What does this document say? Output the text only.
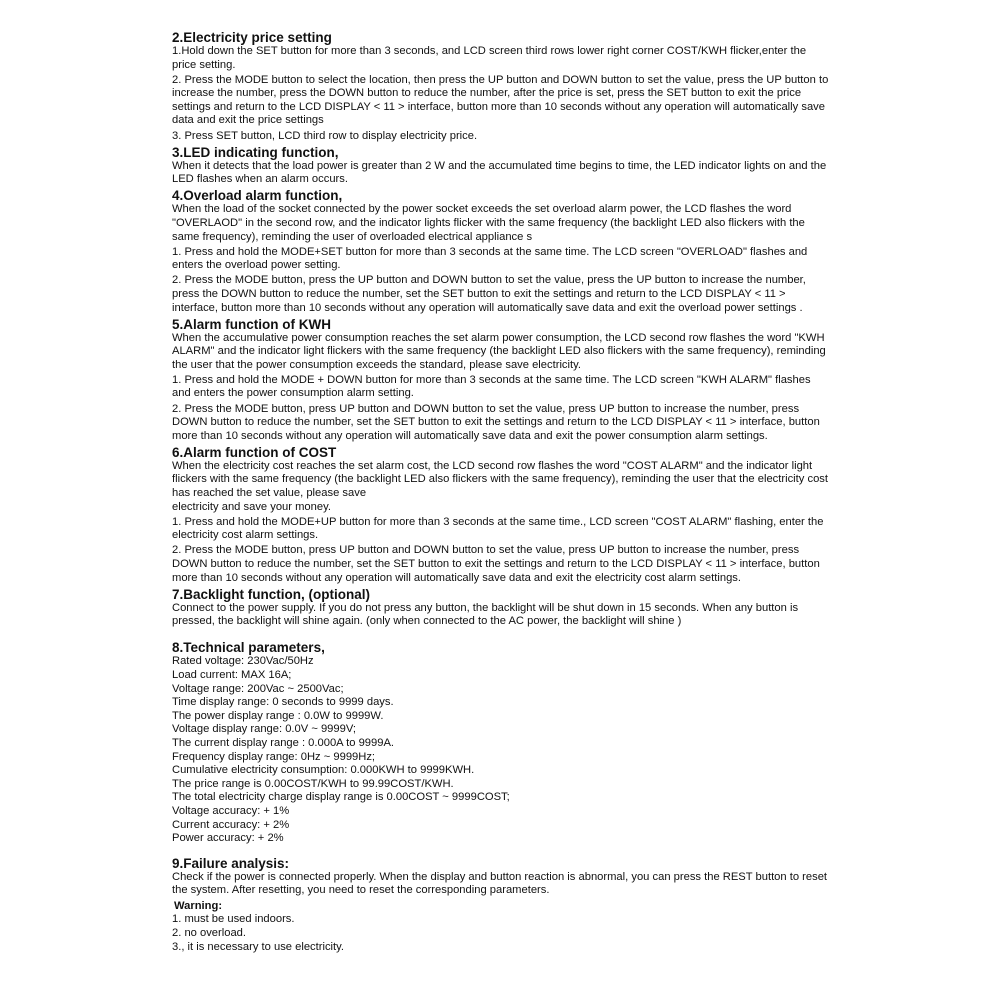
2.Electricity price setting

1.Hold down the SET button for more than 3 seconds, and LCD screen third rows lower right corner COST/KWH flicker,enter the price setting.

2. Press the MODE button to select the location, then press the UP button and DOWN button to set the value, press the UP button to increase the number, press the DOWN button to reduce the number, after the price is set, press the SET button to exit the price settings and return to the LCD DISPLAY < 11 > interface, button more than 10 seconds without any operation will automatically save data and exit the price settings

3. Press SET button, LCD third row to display electricity price.

3.LED indicating function,

When it detects that the load power is greater than 2 W and the accumulated time begins to time, the LED indicator lights on and the LED flashes when an alarm occurs.

4.Overload alarm function,

When the load of the socket connected by the power socket exceeds the set overload alarm power, the LCD flashes the word "OVERLAOD" in the second row, and the indicator lights flicker with the same frequency (the backlight LED also flickers with the same frequency), reminding the user of overloaded electrical appliance s

1. Press and hold the MODE+SET button for more than 3 seconds at the same time. The LCD screen "OVERLOAD" flashes and enters the overload power setting.

2. Press the MODE button, press the UP button and DOWN button to set the value, press the UP button to increase the number, press the DOWN button to reduce the number, set the SET button to exit the settings and return to the LCD DISPLAY < 11 > interface, button more than 10 seconds without any operation will automatically save data and exit the overload power settings .

5.Alarm function of KWH

When the accumulative power consumption reaches the set alarm power consumption, the LCD second row flashes the word "KWH ALARM" and the indicator light flickers with the same frequency (the backlight LED also flickers with the same frequency), reminding the user that the power consumption exceeds the standard, please save electricity.

1. Press and hold the MODE + DOWN button for more than 3 seconds at the same time. The LCD screen "KWH ALARM" flashes and enters the power consumption alarm setting.

2. Press the MODE button, press UP button and DOWN button to set the value, press UP button to increase the number, press DOWN button to reduce the number, set the SET button to exit the settings and return to the LCD DISPLAY < 11 > interface, button more than 10 seconds without any operation will automatically save data and exit the power consumption alarm settings.

6.Alarm function of COST

When the electricity cost reaches the set alarm cost, the LCD second row flashes the word "COST ALARM" and the indicator light flickers with the same frequency (the backlight LED also flickers with the same frequency), reminding the user that the electricity cost has reached the set value, please save

electricity and save your money.

1. Press and hold the MODE+UP button for more than 3 seconds at the same time., LCD screen "COST ALARM" flashing, enter the electricity cost alarm settings.

2. Press the MODE button, press UP button and DOWN button to set the value, press UP button to increase the number, press DOWN button to reduce the number, set the SET button to exit the settings and return to the LCD DISPLAY < 11 > interface, button more than 10 seconds without any operation will automatically save data and exit the electricity cost alarm settings.

7.Backlight function, (optional)

Connect to the power supply. If you do not press any button, the backlight will be shut down in 15 seconds. When any button is pressed, the backlight will shine again. (only when connected to the AC power, the backlight will shine )

8.Technical parameters,

Rated voltage: 230Vac/50Hz

Load current: MAX 16A;

Voltage range: 200Vac ~ 2500Vac;

Time display range: 0 seconds to 9999 days.

The power display range : 0.0W to 9999W.

Voltage display range: 0.0V ~ 9999V;

The current display range : 0.000A to 9999A.

Frequency display range: 0Hz ~ 9999Hz;

Cumulative electricity consumption: 0.000KWH to 9999KWH.

The price range is 0.00COST/KWH to 99.99COST/KWH.

The total electricity charge display range is 0.00COST ~ 9999COST;

Voltage accuracy: + 1%

Current accuracy: + 2%

Power accuracy: + 2%

9.Failure analysis:

Check if the power is connected properly. When the display and button reaction is abnormal, you can press the REST button to reset the system. After resetting, you need to reset the corresponding parameters.

Warning:

1. must be used indoors.

2. no overload.

3., it is necessary to use electricity.
